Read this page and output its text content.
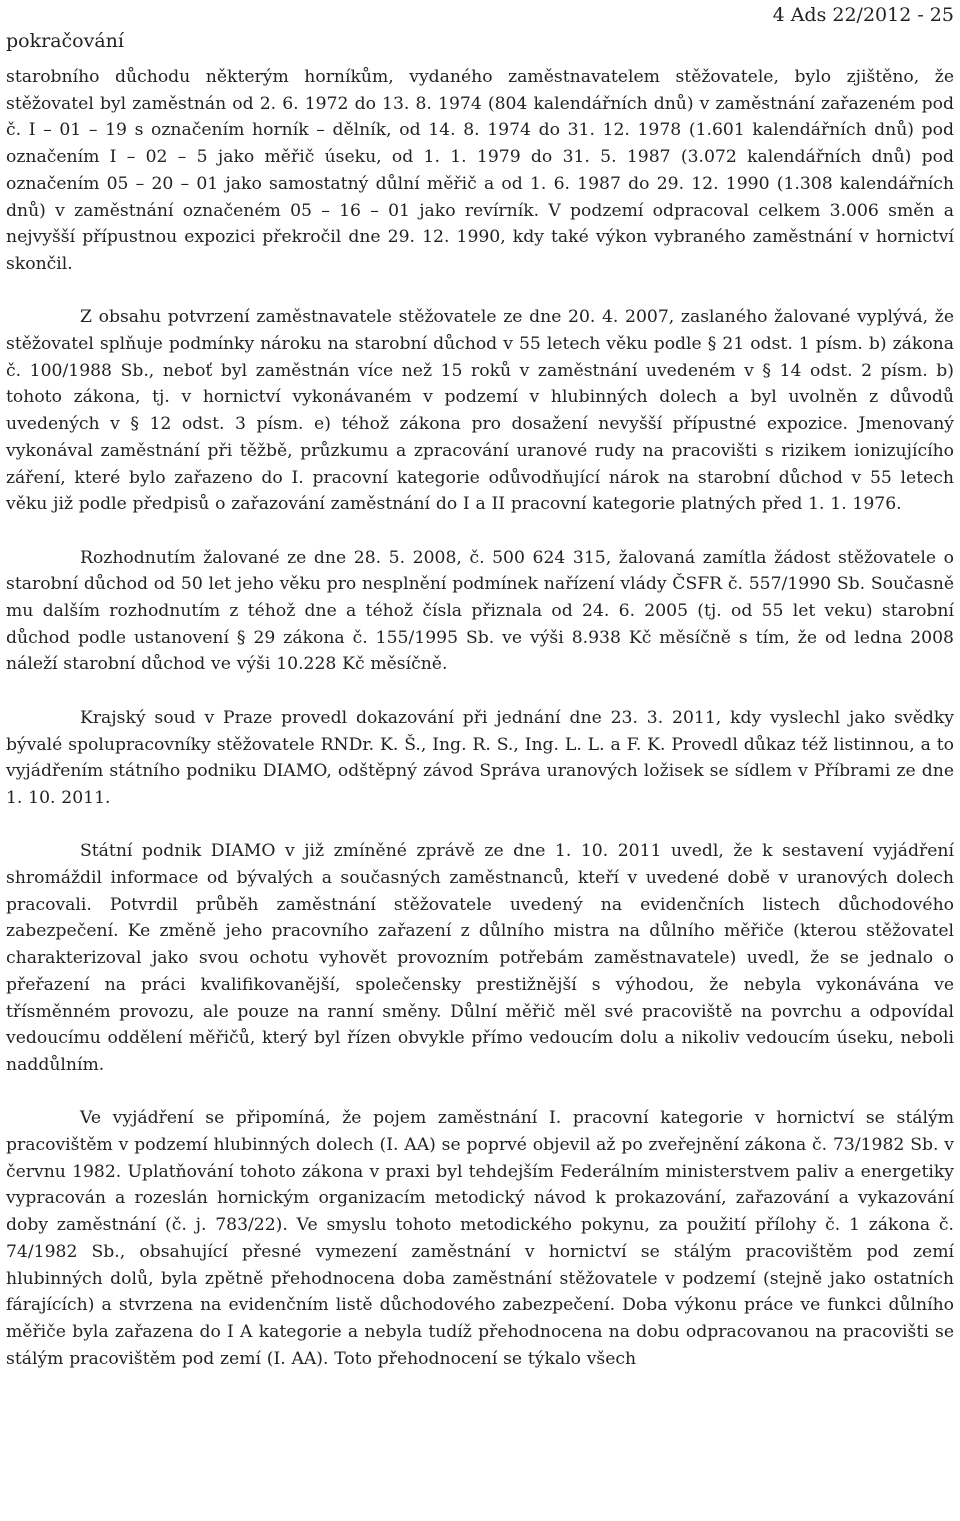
pokračování
4 Ads 22/2012 - 25

starobního důchodu některým horníkům, vydaného zaměstnavatelem stěžovatele, bylo zjištěno, že stěžovatel byl zaměstnán od 2. 6. 1972 do 13. 8. 1974 (804 kalendářních dnů) v zaměstnání zařazeném pod č. I – 01 – 19 s označením horník – dělník, od 14. 8. 1974 do 31. 12. 1978 (1.601 kalendářních dnů) pod označením I – 02 – 5 jako měřič úseku, od 1. 1. 1979 do 31. 5. 1987 (3.072 kalendářních dnů) pod označením 05 – 20 – 01 jako samostatný důlní měřič a od 1. 6. 1987 do 29. 12. 1990 (1.308 kalendářních dnů) v zaměstnání označeném 05 – 16 – 01 jako revírník. V podzemí odpracoval celkem 3.006 směn a nejvyšší přípustnou expozici překročil dne 29. 12. 1990, kdy také výkon vybraného zaměstnání v hornictví skončil.

Z obsahu potvrzení zaměstnavatele stěžovatele ze dne 20. 4. 2007, zaslaného žalované vyplývá, že stěžovatel splňuje podmínky nároku na starobní důchod v 55 letech věku podle § 21 odst. 1 písm. b) zákona č. 100/1988 Sb., neboť byl zaměstnán více než 15 roků v zaměstnání uvedeném v § 14 odst. 2 písm. b) tohoto zákona, tj. v hornictví vykonávaném v podzemí v hlubinných dolech a byl uvolněn z důvodů uvedených v § 12 odst. 3 písm. e) téhož zákona pro dosažení nevyšší přípustné expozice. Jmenovaný vykonával zaměstnání při těžbě, průzkumu a zpracování uranové rudy na pracovišti s rizikem ionizujícího záření, které bylo zařazeno do I. pracovní kategorie odůvodňující nárok na starobní důchod v 55 letech věku již podle předpisů o zařazování zaměstnání do I a II pracovní kategorie platných před 1. 1. 1976.

Rozhodnutím žalované ze dne 28. 5. 2008, č. 500 624 315, žalovaná zamítla žádost stěžovatele o starobní důchod od 50 let jeho věku pro nesplnění podmínek nařízení vlády ČSFR č. 557/1990 Sb. Současně mu dalším rozhodnutím z téhož dne a téhož čísla přiznala od 24. 6. 2005 (tj. od 55 let veku) starobní důchod podle ustanovení § 29 zákona č. 155/1995 Sb. ve výši 8.938 Kč měsíčně s tím, že od ledna 2008 náleží starobní důchod ve výši 10.228 Kč měsíčně.

Krajský soud v Praze provedl dokazování při jednání dne 23. 3. 2011, kdy vyslechl jako svědky bývalé spolupracovníky stěžovatele RNDr. K. Š., Ing. R. S., Ing. L. L. a F. K. Provedl důkaz též listinnou, a to vyjádřením státního podniku DIAMO, odštěpný závod Správa uranových ložisek se sídlem v Příbrami ze dne 1. 10. 2011.

Státní podnik DIAMO v již zmíněné zprávě ze dne 1. 10. 2011 uvedl, že k sestavení vyjádření shromáždil informace od bývalých a současných zaměstnanců, kteří v uvedené době v uranových dolech pracovali. Potvrdil průběh zaměstnání stěžovatele uvedený na evidenčních listech důchodového zabezpečení. Ke změně jeho pracovního zařazení z důlního mistra na důlního měřiče (kterou stěžovatel charakterizoval jako svou ochotu vyhovět provozním potřebám zaměstnavatele) uvedl, že se jednalo o přeřazení na práci kvalifikovanější, společensky prestižnější s výhodou, že nebyla vykonávána ve třísměnném provozu, ale pouze na ranní směny. Důlní měřič měl své pracoviště na povrchu a odpovídal vedoucímu oddělení měřičů, který byl řízen obvykle přímo vedoucím dolu a nikoliv vedoucím úseku, neboli naddůlním.

Ve vyjádření se připomíná, že pojem zaměstnání I. pracovní kategorie v hornictví se stálým pracovištěm v podzemí hlubinných dolech (I. AA) se poprvé objevil až po zveřejnění zákona č. 73/1982 Sb. v červnu 1982. Uplatňování tohoto zákona v praxi byl tehdejším Federálním ministerstvem paliv a energetiky vypracován a rozeslán hornickým organizacím metodický návod k prokazování, zařazování a vykazování doby zaměstnání (č. j. 783/22). Ve smyslu tohoto metodického pokynu, za použití přílohy č. 1 zákona č. 74/1982 Sb., obsahující přesné vymezení zaměstnání v hornictví se stálým pracovištěm pod zemí hlubinných dolů, byla zpětně přehodnocena doba zaměstnání stěžovatele v podzemí (stejně jako ostatních fárajících) a stvrzena na evidenčním listě důchodového zabezpečení. Doba výkonu práce ve funkci důlního měřiče byla zařazena do I A kategorie a nebyla tudíž přehodnocena na dobu odpracovanou na pracovišti se stálým pracovištěm pod zemí (I. AA). Toto přehodnocení se týkalo všech
